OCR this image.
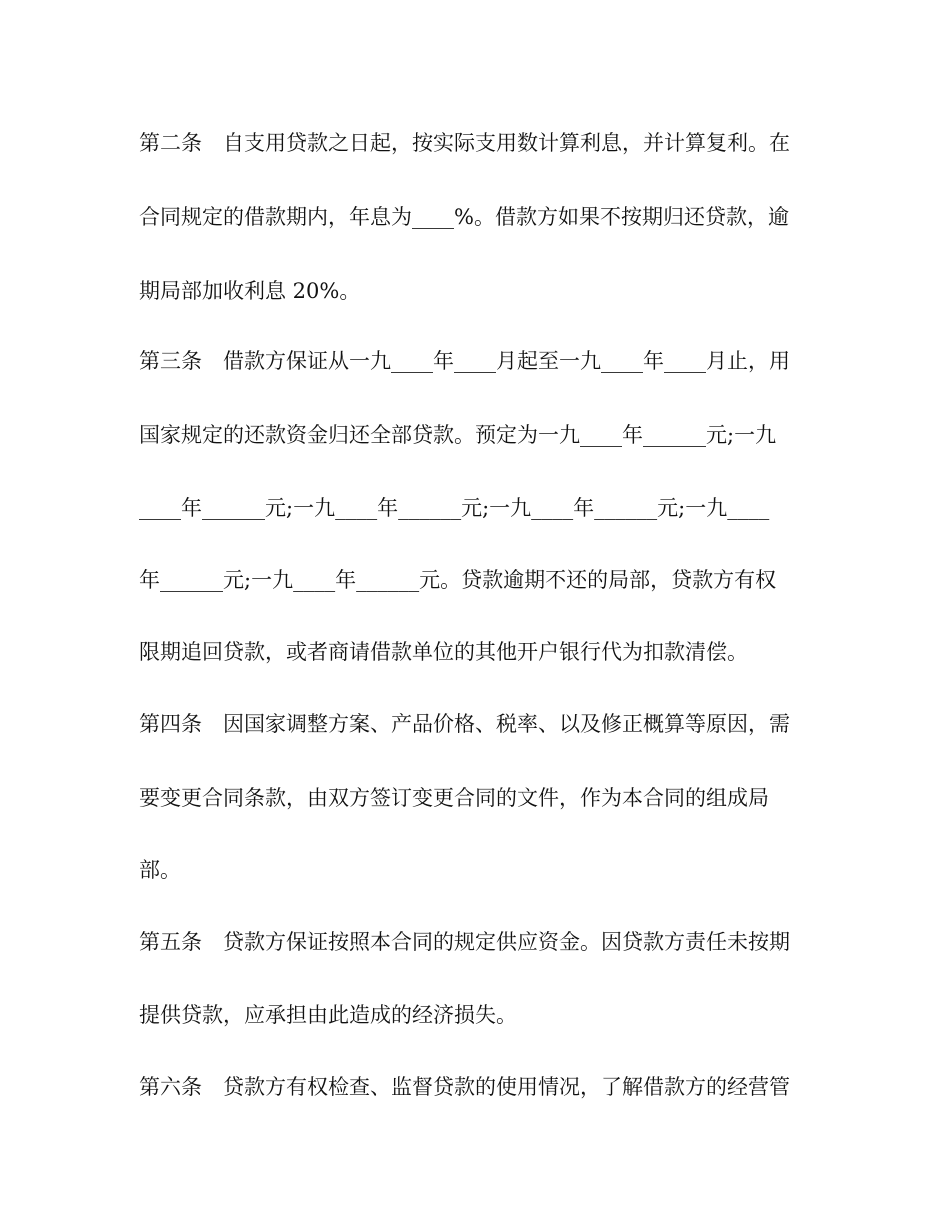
第二条　自支用贷款之日起，按实际支用数计算利息，并计算复利。在
合同规定的借款期内，年息为____%。借款方如果不按期归还贷款，逾
期局部加收利息 20%。
第三条　借款方保证从一九____年____月起至一九____年____月止，用
国家规定的还款资金归还全部贷款。预定为一九____年______元;一九
____年______元;一九____年______元;一九____年______元;一九____
年______元;一九____年______元。贷款逾期不还的局部，贷款方有权
限期追回贷款，或者商请借款单位的其他开户银行代为扣款清偿。
第四条　因国家调整方案、产品价格、税率、以及修正概算等原因，需
要变更合同条款，由双方签订变更合同的文件，作为本合同的组成局
部。
第五条　贷款方保证按照本合同的规定供应资金。因贷款方责任未按期
提供贷款，应承担由此造成的经济损失。
第六条　贷款方有权检查、监督贷款的使用情况，了解借款方的经营管
